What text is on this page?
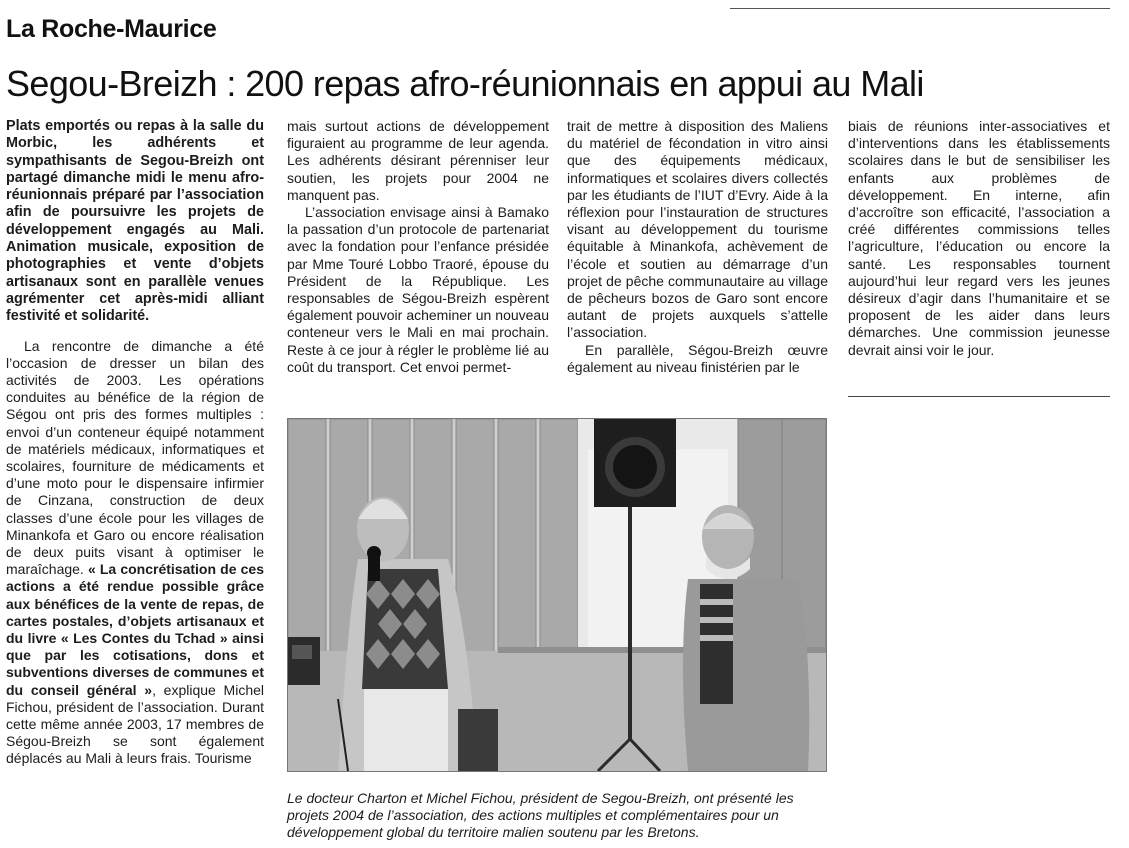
La Roche-Maurice
Segou-Breizh : 200 repas afro-réunionnais en appui au Mali

Plats emportés ou repas à la salle du Morbic, les adhérents et sympathisants de Segou-Breizh ont partagé dimanche midi le menu afro-réunionnais préparé par l’association afin de poursuivre les projets de développement engagés au Mali. Animation musicale, exposition de photographies et vente d’objets artisanaux sont en parallèle venues agrémenter cet après-midi alliant festivité et solidarité.

La rencontre de dimanche a été l’occasion de dresser un bilan des activités de 2003. Les opérations conduites au bénéfice de la région de Ségou ont pris des formes multiples : envoi d’un conteneur équipé notamment de matériels médicaux, informatiques et scolaires, fourniture de médicaments et d’une moto pour le dispensaire infirmier de Cinzana, construction de deux classes d’une école pour les villages de Minankofa et Garo ou encore réalisation de deux puits visant à optimiser le maraîchage. « La concrétisation de ces actions a été rendue possible grâce aux bénéfices de la vente de repas, de cartes postales, d’objets artisanaux et du livre « Les Contes du Tchad » ainsi que par les cotisations, dons et subventions diverses de communes et du conseil général », explique Michel Fichou, président de l’association. Durant cette même année 2003, 17 membres de Ségou-Breizh se sont également déplacés au Mali à leurs frais. Tourisme

mais surtout actions de développement figuraient au programme de leur agenda. Les adhérents désirant pérenniser leur soutien, les projets pour 2004 ne manquent pas.

L’association envisage ainsi à Bamako la passation d’un protocole de partenariat avec la fondation pour l’enfance présidée par Mme Touré Lobbo Traoré, épouse du Président de la République. Les responsables de Ségou-Breizh espèrent également pouvoir acheminer un nouveau conteneur vers le Mali en mai prochain. Reste à ce jour à régler le problème lié au coût du transport. Cet envoi permet-

trait de mettre à disposition des Maliens du matériel de fécondation in vitro ainsi que des équipements médicaux, informatiques et scolaires divers collectés par les étudiants de l’IUT d’Evry. Aide à la réflexion pour l’instauration de structures visant au développement du tourisme équitable à Minankofa, achèvement de l’école et soutien au démarrage d’un projet de pêche communautaire au village de pêcheurs bozos de Garo sont encore autant de projets auxquels s’attelle l’association.

En parallèle, Ségou-Breizh œuvre également au niveau finistérien par le

biais de réunions inter-associatives et d’interventions dans les établissements scolaires dans le but de sensibiliser les enfants aux problèmes de développement. En interne, afin d’accroître son efficacité, l’association a créé différentes commissions telles l’agriculture, l’éducation ou encore la santé. Les responsables tournent aujourd’hui leur regard vers les jeunes désireux d’agir dans l’humanitaire et se proposent de les aider dans leurs démarches. Une commission jeunesse devrait ainsi voir le jour.

Le docteur Charton et Michel Fichou, président de Segou-Breizh, ont présenté les projets 2004 de l’association, des actions multiples et complémentaires pour un développement global du territoire malien soutenu par les Bretons.
